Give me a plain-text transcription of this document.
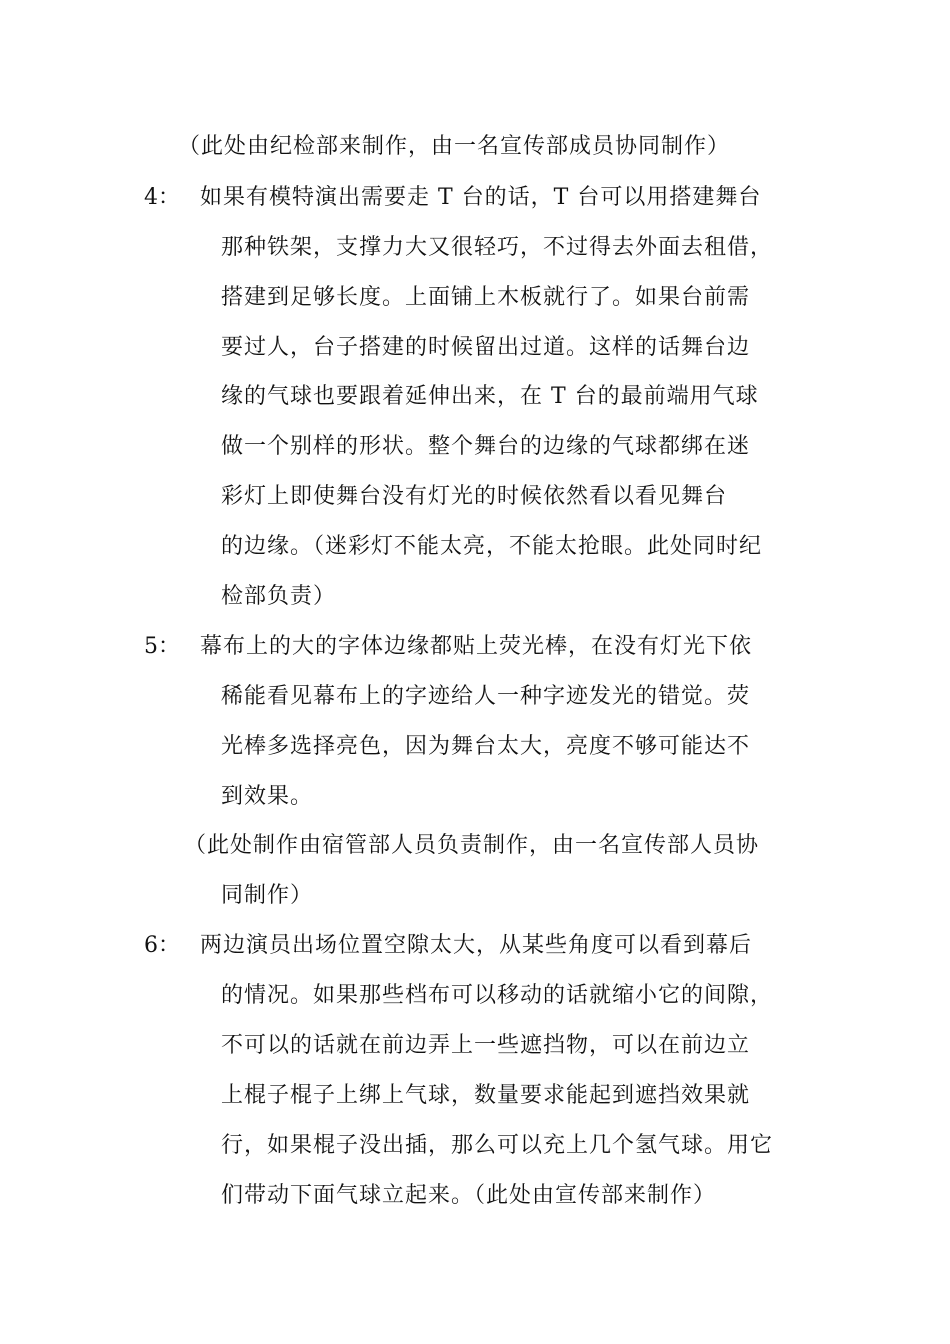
（此处由纪检部来制作，由一名宣传部成员协同制作）
4： 如果有模特演出需要走 T 台的话，T 台可以用搭建舞台
那种铁架，支撑力大又很轻巧，不过得去外面去租借，
搭建到足够长度。上面铺上木板就行了。如果台前需
要过人，台子搭建的时候留出过道。这样的话舞台边
缘的气球也要跟着延伸出来，在 T 台的最前端用气球
做一个别样的形状。整个舞台的边缘的气球都绑在迷
彩灯上即使舞台没有灯光的时候依然看以看见舞台
的边缘。（迷彩灯不能太亮，不能太抢眼。此处同时纪
检部负责）
5： 幕布上的大的字体边缘都贴上荧光棒，在没有灯光下依
稀能看见幕布上的字迹给人一种字迹发光的错觉。荧
光棒多选择亮色，因为舞台太大，亮度不够可能达不
到效果。
（此处制作由宿管部人员负责制作，由一名宣传部人员协
同制作）
6： 两边演员出场位置空隙太大，从某些角度可以看到幕后
的情况。如果那些档布可以移动的话就缩小它的间隙，
不可以的话就在前边弄上一些遮挡物，可以在前边立
上棍子棍子上绑上气球，数量要求能起到遮挡效果就
行，如果棍子没出插，那么可以充上几个氢气球。用它
们带动下面气球立起来。（此处由宣传部来制作）
